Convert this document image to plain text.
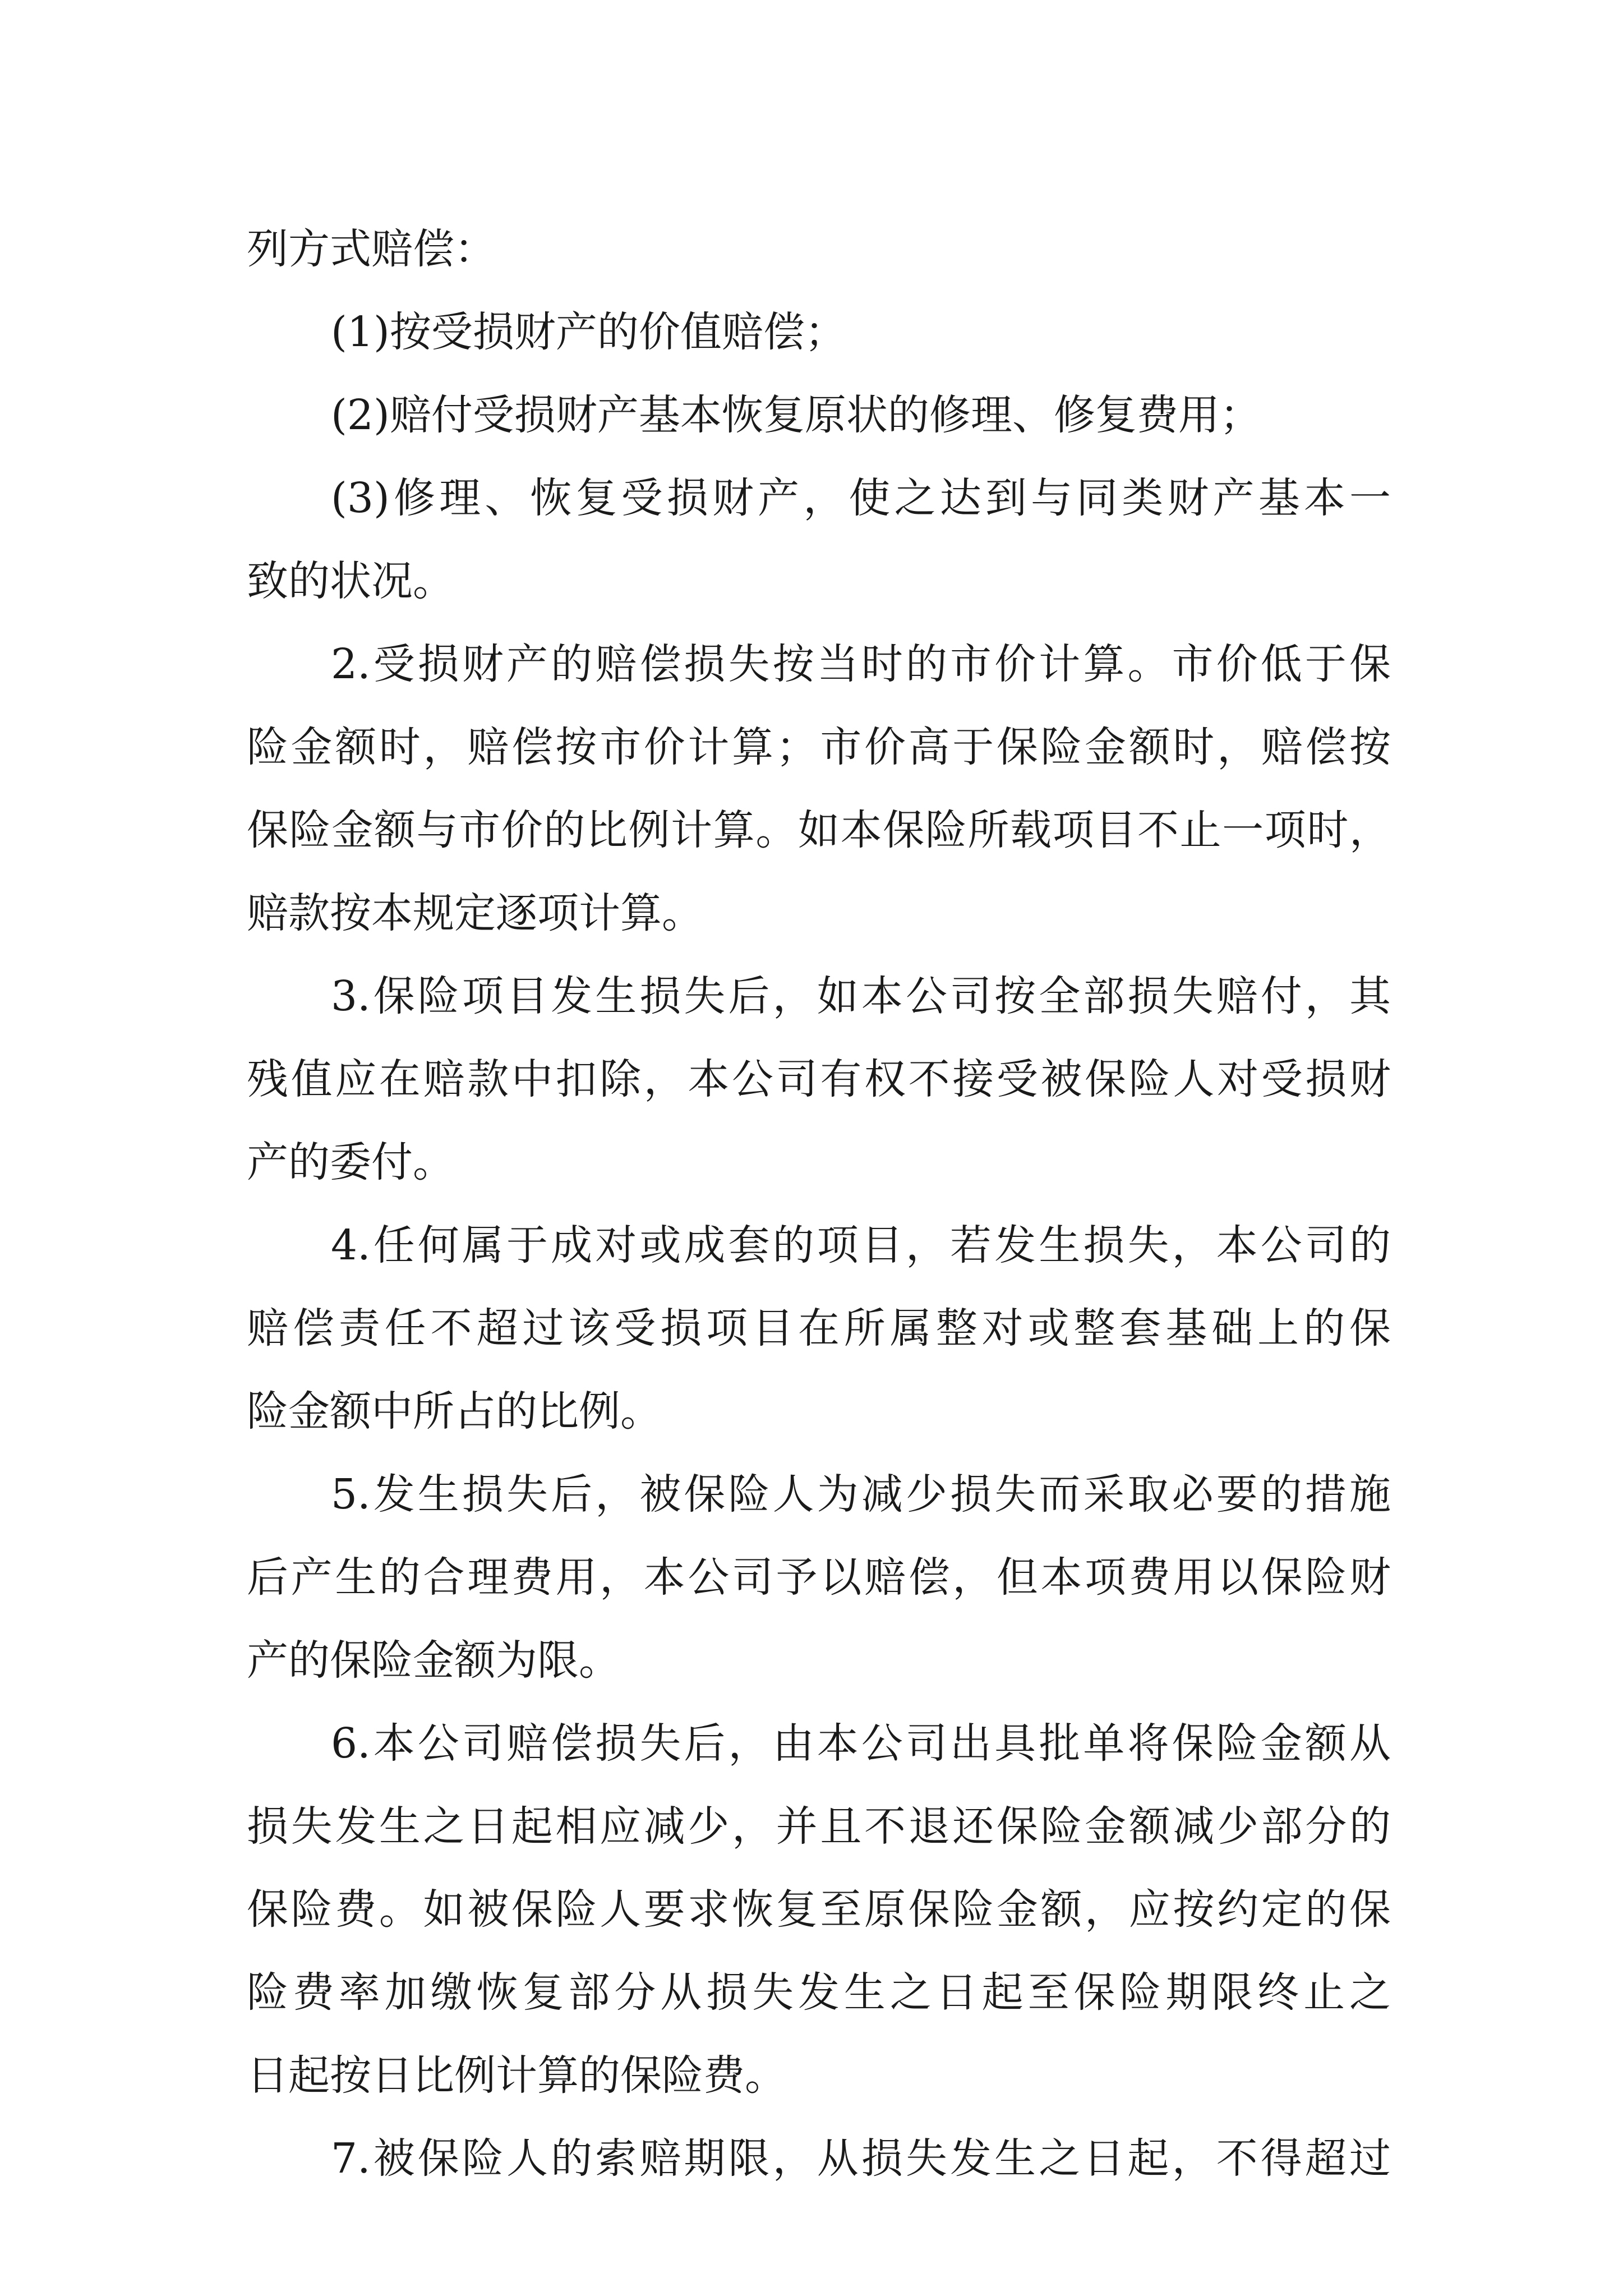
列方式赔偿：
(1)按受损财产的价值赔偿；
(2)赔付受损财产基本恢复原状的修理、修复费用；
(3)修理、恢复受损财产，使之达到与同类财产基本一
致的状况。
2.受损财产的赔偿损失按当时的市价计算。市价低于保
险金额时，赔偿按市价计算；市价高于保险金额时，赔偿按
保险金额与市价的比例计算。如本保险所载项目不止一项时，
赔款按本规定逐项计算。
3.保险项目发生损失后，如本公司按全部损失赔付，其
残值应在赔款中扣除，本公司有权不接受被保险人对受损财
产的委付。
4.任何属于成对或成套的项目，若发生损失，本公司的
赔偿责任不超过该受损项目在所属整对或整套基础上的保
险金额中所占的比例。
5.发生损失后，被保险人为减少损失而采取必要的措施
后产生的合理费用，本公司予以赔偿，但本项费用以保险财
产的保险金额为限。
6.本公司赔偿损失后，由本公司出具批单将保险金额从
损失发生之日起相应减少，并且不退还保险金额减少部分的
保险费。如被保险人要求恢复至原保险金额，应按约定的保
险费率加缴恢复部分从损失发生之日起至保险期限终止之
日起按日比例计算的保险费。
7.被保险人的索赔期限，从损失发生之日起，不得超过
